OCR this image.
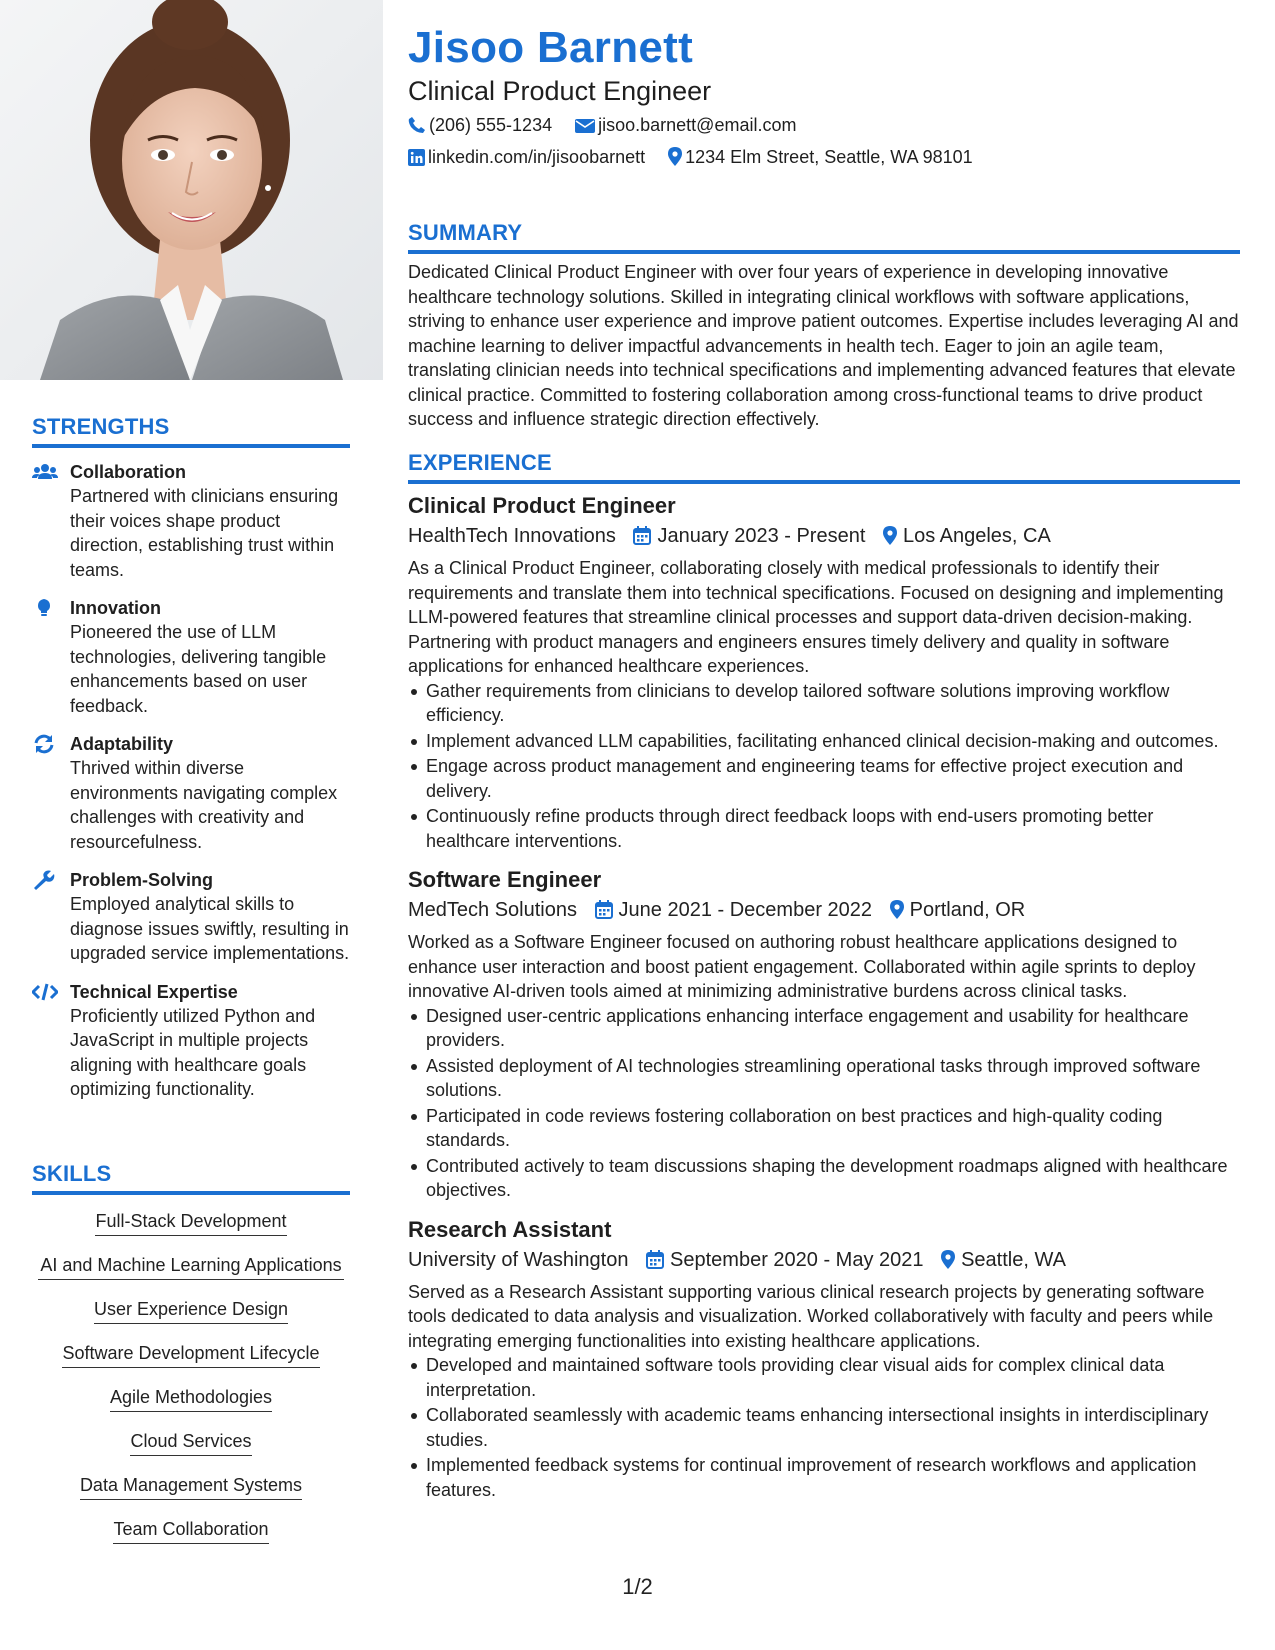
STRENGTHS
Collaboration
Partnered with clinicians ensuring their voices shape product direction, establishing trust within teams.
Innovation
Pioneered the use of LLM technologies, delivering tangible enhancements based on user feedback.
Adaptability
Thrived within diverse environments navigating complex challenges with creativity and resourcefulness.
Problem-Solving
Employed analytical skills to diagnose issues swiftly, resulting in upgraded service implementations.
Technical Expertise
Proficiently utilized Python and JavaScript in multiple projects aligning with healthcare goals optimizing functionality.
SKILLS
Full-Stack Development
AI and Machine Learning Applications
User Experience Design
Software Development Lifecycle
Agile Methodologies
Cloud Services
Data Management Systems
Team Collaboration
Jisoo Barnett
Clinical Product Engineer
(206) 555-1234	jisoo.barnett@email.com
linkedin.com/in/jisoobarnett 1234 Elm Street, Seattle, WA 98101
SUMMARY
Dedicated Clinical Product Engineer with over four years of experience in developing innovative healthcare technology solutions. Skilled in integrating clinical workflows with software applications, striving to enhance user experience and improve patient outcomes. Expertise includes leveraging AI and machine learning to deliver impactful advancements in health tech. Eager to join an agile team, translating clinician needs into technical specifications and implementing advanced features that elevate clinical practice. Committed to fostering collaboration among cross-functional teams to drive product success and influence strategic direction effectively.
EXPERIENCE
Clinical Product Engineer
HealthTech Innovations January 2023 - Present Los Angeles, CA
As a Clinical Product Engineer, collaborating closely with medical professionals to identify their requirements and translate them into technical specifications. Focused on designing and implementing LLM-powered features that streamline clinical processes and support data-driven decision-making. Partnering with product managers and engineers ensures timely delivery and quality in software applications for enhanced healthcare experiences.
Gather requirements from clinicians to develop tailored software solutions improving workflow efficiency.
Implement advanced LLM capabilities, facilitating enhanced clinical decision-making and outcomes.
Engage across product management and engineering teams for effective project execution and delivery.
Continuously refine products through direct feedback loops with end-users promoting better healthcare interventions.
Software Engineer
MedTech Solutions June 2021 - December 2022 Portland, OR
Worked as a Software Engineer focused on authoring robust healthcare applications designed to enhance user interaction and boost patient engagement. Collaborated within agile sprints to deploy innovative AI-driven tools aimed at minimizing administrative burdens across clinical tasks.
Designed user-centric applications enhancing interface engagement and usability for healthcare providers.
Assisted deployment of AI technologies streamlining operational tasks through improved software solutions.
Participated in code reviews fostering collaboration on best practices and high-quality coding standards.
Contributed actively to team discussions shaping the development roadmaps aligned with healthcare objectives.
Research Assistant
University of Washington September 2020 - May 2021 Seattle, WA
Served as a Research Assistant supporting various clinical research projects by generating software tools dedicated to data analysis and visualization. Worked collaboratively with faculty and peers while integrating emerging functionalities into existing healthcare applications.
Developed and maintained software tools providing clear visual aids for complex clinical data interpretation.
Collaborated seamlessly with academic teams enhancing intersectional insights in interdisciplinary studies.
Implemented feedback systems for continual improvement of research workflows and application features.
1/2
